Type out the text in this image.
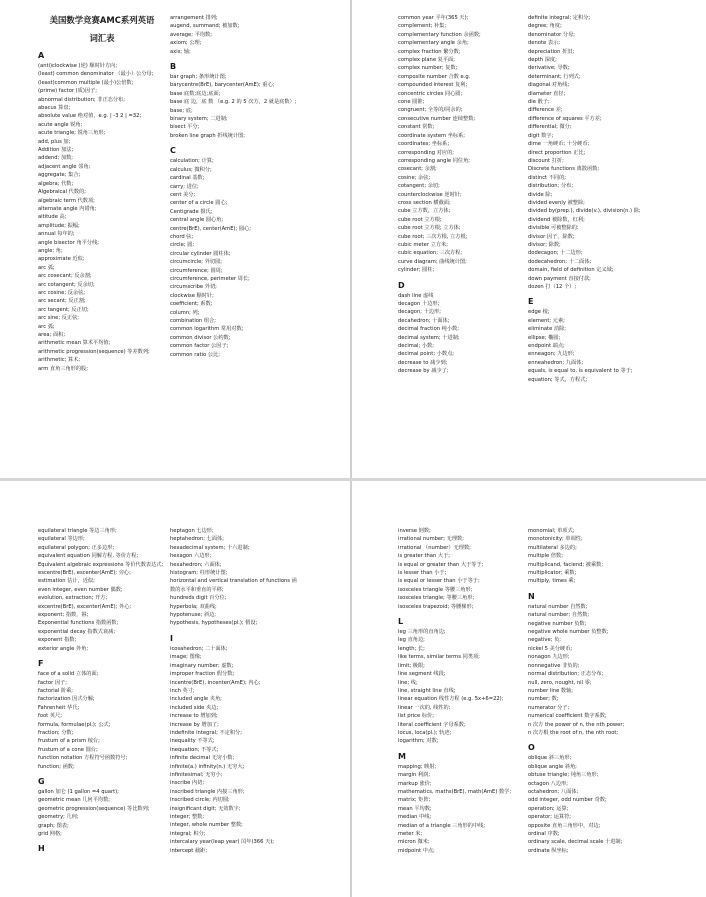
美国数学竞赛AMC系列英语
词汇表
A
(anti)clockwise (逆) 顺时针方向;
(least) common denominator （最小）公分母;
(least)common multiple (最小)公倍数;
(prime) factor (质)因子;
abnormal distribution; 非正态分布;
abacus 算盘;
absolute value 绝对值，e.g. | -3 2 | =32;
acute angle 锐角;
acute triangle; 锐角三角形;
add, plus 加;
Addition 加法;
addend; 加数;
adjacent angle 邻角;
aggregate; 集合;
algebra; 代数;
Algebraical 代数的;
algebraic term 代数项;
alternate angle 内错角;
altitude 高;
amplitude; 振幅;
annual 每年的;
angle bisector 角平分线;
angle; 角;
approximate 近似;
arc 弧;
arc cosecant; 反余割;
arc cotangent; 反余切;
arc cosine; 反余弦;
arc secant; 反正割;
arc tangent; 反正切;
arc sine; 反正弦;
arc 弧;
area; 面积;
arithmetic mean 算术平均值;
arithmetic progression(sequence) 等差数列;
arithmetic; 算术;
arm 直角三角形的股;
arrangement 排列;
augend, summand; 被加数;
average; 平均数;
axiom; 公理;
axis; 轴;
B
bar graph; 条形统计图;
barycentre(BrE), barycenter(AmE); 重心;
base 底数;底边;底面;
base 底 边，底 数 （e.g. 2 的 5 次方，2 就是底数）;
base; 底;
binary system; 二进制;
bisect 平分;
broken line graph 折线统计图;
C
calculation; 计算;
calculus; 微积分;
cardinal 基数;
carry; 进位;
cent 美分;
center of a circle 圆心;
Centigrade 摄氏;
central angle 圆心角;
centre(BrE), center(AmE); 圆心;
chord 弦;
circle; 圆;
circular cylinder 圆柱体;
circumcircle; 外切圆;
circumference; 圆周;
circumference, perimeter 周长;
circumscribe 外切;
clockwise 顺时针;
coefficient; 系数;
column; 列;
combination 组合;
common logarithm 常用对数;
common divisor 公约数;
common factor 公因子;
common ratio 公比;
common year 平年(365 天);
complement; 补集;
complementary function 余函数;
complementary angle 余角;
complex fraction 繁分数;
complex plane 复平面;
complex number; 复数;
composite number 合数 e.g.
compounded interest 复利;
concentric circles 同心圆;
cone 圆锥;
congruent; 全等的/同余的;
consecutive number 连续整数;
constant 常数;
coordinate system 坐标系;
coordinates; 坐标系;
corresponding 对应的;
corresponding angle 同位角;
cosecant; 余割;
cosine; 余弦;
cotangent; 余切;
counterclockwise 逆时针;
cross section 横截面;
cube 立方数，立方体;
cube root 立方根;
cube root 立方根; 立方体;
cube root; 三次方根, 立方根;
cubic meter 立方米;
cubic equation; 三次方程;
curve diagram; 曲线统计图;
cylinder; 圆柱;
D
dash line 虚线
decagon 十边形;
decagon; 十边形;
decahedron; 十面体;
decimal fraction 纯小数;
decimal system; 十进制;
decimal; 小数;
decimal point; 小数点;
decrease to 减少到;
decrease by 减少了;
definite integral; 定积分;
degree; 角度;
denominator 分母;
denote 表示;
depreciation 折旧;
depth 深度;
derivative; 导数;
determinant; 行列式;
diagonal 对角线;
diameter 直径;
die 骰子;
difference 差;
difference of squares 平方差;
differential; 微分;
digit 数字;
dime 一角硬币; 十分硬币;
direct proportion 正比;
discount 打折;
Discrete functions 离散函数;
distinct 不同的;
distribution; 分布;
divide 除;
divided evenly 被整除;
divided by(prep.), divide(v.), division(n.) 除;
dividend 被除数，红利;
divisible 可被整除的;
divisor 因子，除数;
divisor; 除数;
dodecagon; 十二边形;
dodecahedron; 十二面体;
domain, field of definition 定义域;
down payment 直接付款;
dozen 打（12 个）;
E
edge 棱;
element; 元素;
eliminate 消除;
ellipse; 椭圆;
endpoint 端点;
enneagon; 九边形;
enneahedron; 九面体;
equals, is equal to, is equivalent to 等于;
equation; 等式，方程式;
equilateral triangle 等边三角形;
equilateral 等边形;
equilateral polygon; 正多边形;
equivalent equation 同解方程, 等价方程;
Equivalent algebraic expressions 等价代数表达式;
escentre(BrE), escenter(AmE); 旁心;
estimation 估计，近似;
even integer, even number 偶数;
evolution, extraction; 开方;
excentre(BrE), excenter(AmE); 外心;
exponent; 指数，幂;
Exponential functions 指数函数;
exponential decay 指数式衰减;
exponent 指数;
exterior angle 外角;
F
face of a solid 立体的面;
factor 因子;
factorial 阶乘;
factorization 因式分解;
Fahrenheit 华氏;
foot 英尺;
formula, formulae(pl.); 公式;
fraction; 分数;
frustum of a prism 棱台;
frustum of a cone 圆台;
function notation 方程符号函数符号;
function; 函数;
G
gallon 加仑 (1 gallon =4 quart);
geometric mean 几何平均数;
geometric progression(sequence) 等比数列;
geometry; 几何;
graph; 图表;
grid 网格;
H
heptagon 七边形;
heptahedron; 七面体;
hexadecimal system; 十六进制;
hexagon 六边形;
hexahedron; 六面体;
histogram; 柱形统计图;
horizontal and vertical translation of functions 函数的水平和垂直的平移;
hundreds digit 百分位;
hyperbola; 双曲线;
hypotenuse; 斜边;
hypothesis, hypotheses(pl.); 假设;
I
icosahedron; 二十面体;
image; 图像;
imaginary number; 虚数;
improper fraction 假分数;
incentre(BrE), incenter(AmE); 内心;
inch 英寸;
included angle 夹角;
included side 夹边;
increase to 增加到;
increase by 增加了;
indefinite integral; 不定积分;
inequality 不等式;
inequation; 不等式;
infinite decimal 无穷小数;
infinite(a.) infinity(n.) 无穷大;
infinitesimal; 无穷小;
inscribe 内切;
inscribed triangle 内接三角形;
inscribed circle; 内切圆;
insignificant digit; 无效数字;
integer; 整数;
integer, whole number 整数;
integral; 积分;
intercalary year(leap year) 闰年(366 天);
intercept 截距;
inverse 倒数;
irrational number; 无理数;
irrational （number）无理数;
is greater than 大于;
is equal or greater than 大于等于;
is lesser than 小于;
is equal or lesser than 小于等于;
isosceles triangle 等腰三角形;
isosceles triangle; 等腰三角形;
isosceles trapezoid; 等腰梯形;
L
leg 三角形的直角边;
leg 直角边;
length; 长;
like terms, similar terms 同类项;
limit; 极限;
line segment 线段;
line; 线;
line, straight line 直线;
linear equation 线性方程 (e.g. 5x+6=22);
linear 一次的, 线性的;
list price 标价;
literal coefficient 字母系数;
locus, loca(pl.); 轨迹;
logarithm; 对数;
M
mapping; 映射;
margin 利润;
markup 涨价;
mathematics, maths(BrE), math(AmE) 数学;
matrix; 矩阵;
mean 平均数;
median 中线;
median of a triangle 三角形的中线;
meter 米;
micron 微米;
midpoint 中点;
monomial; 单项式;
monotonicity; 单调性;
multilateral 多边的;
multiple 倍数;
multiplicand, faciend; 被乘数;
multiplicator; 乘数;
multiply, times 乘;
N
natural number 自然数;
natural number; 自然数;
negative number 负数;
negative whole number 负整数;
negative; 负;
nickel 5 美分硬币;
nonagon 九边形;
nonnegative 非负的;
normal distribution; 正态分布;
null, zero, nought, nil 零;
number line 数轴;
number; 数;
numerator 分子;
numerical coefficient 数字系数;
n 次方 the power of n, the nth power;
n 次方根 the root of n, the nth root;
O
oblique 斜三角形;
oblique angle 斜角;
obtuse triangle; 钝角三角形;
octagon 八边形;
octahedron; 八面体;
odd integer, odd number 奇数;
operation; 运算;
operator; 运算符;
opposite 直角三角形中，对边;
ordinal 序数;
ordinary scale, decimal scale 十进制;
ordinate 纵坐标;
